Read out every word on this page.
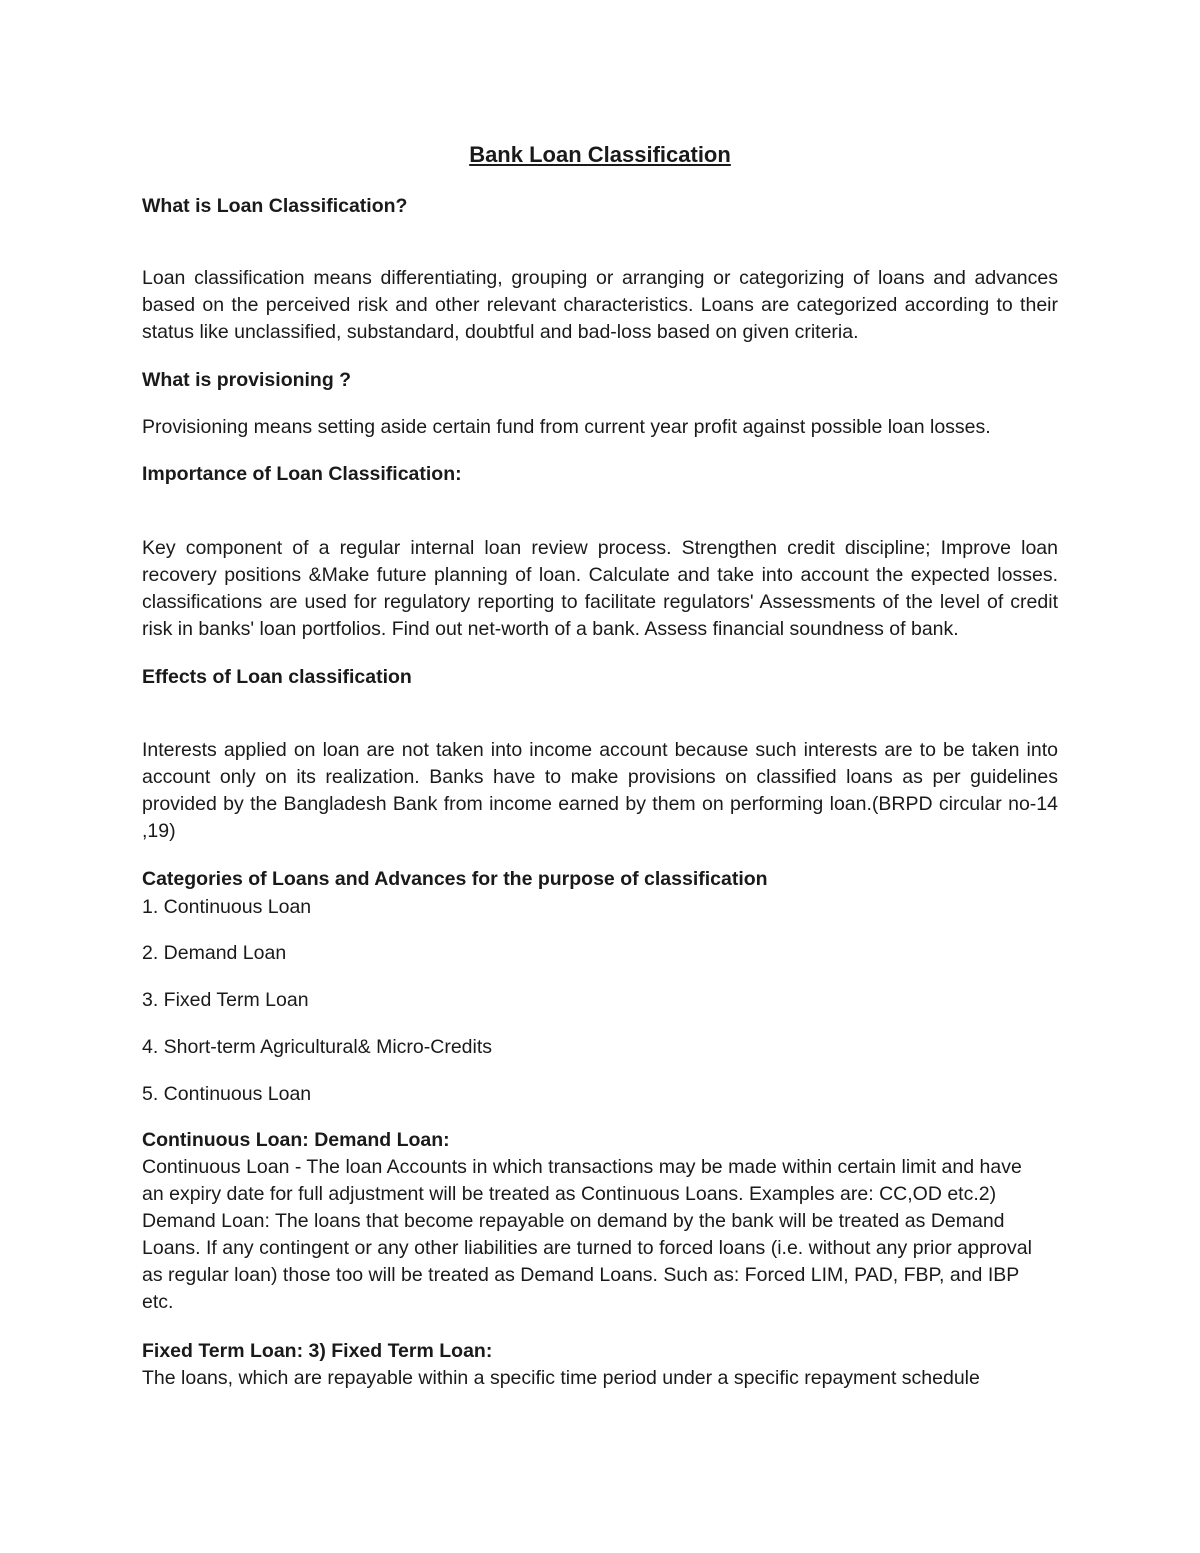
Bank Loan Classification

What is Loan Classification?

Loan classification means differentiating, grouping or arranging or categorizing of loans and advances based on the perceived risk and other relevant characteristics. Loans are categorized according to their status like unclassified, substandard, doubtful and bad-loss based on given criteria.

What is provisioning ?

Provisioning means setting aside certain fund from current year profit against possible loan losses.

Importance of Loan Classification:

Key component of a regular internal loan review process. Strengthen credit discipline; Improve loan recovery positions &Make future planning of loan. Calculate and take into account the expected losses. classifications are used for regulatory reporting to facilitate regulators' Assessments of the level of credit risk in banks' loan portfolios. Find out net-worth of a bank. Assess financial soundness of bank.

Effects of Loan classification

Interests applied on loan are not taken into income account because such interests are to be taken into account only on its realization. Banks have to make provisions on classified loans as per guidelines provided by the Bangladesh Bank from income earned by them on performing loan.(BRPD circular no-14 ,19)

Categories of Loans and Advances for the purpose of classification

1. Continuous Loan

2. Demand Loan

3. Fixed Term Loan

4. Short-term Agricultural& Micro-Credits

5. Continuous Loan

Continuous Loan: Demand Loan:

Continuous Loan - The loan Accounts in which transactions may be made within certain limit and have an expiry date for full adjustment will be treated as Continuous Loans. Examples are: CC,OD etc.2) Demand Loan: The loans that become repayable on demand by the bank will be treated as Demand Loans. If any contingent or any other liabilities are turned to forced loans (i.e. without any prior approval as regular loan) those too will be treated as Demand Loans. Such as: Forced LIM, PAD, FBP, and IBP etc.

Fixed Term Loan: 3) Fixed Term Loan:

The loans, which are repayable within a specific time period under a specific repayment schedule
